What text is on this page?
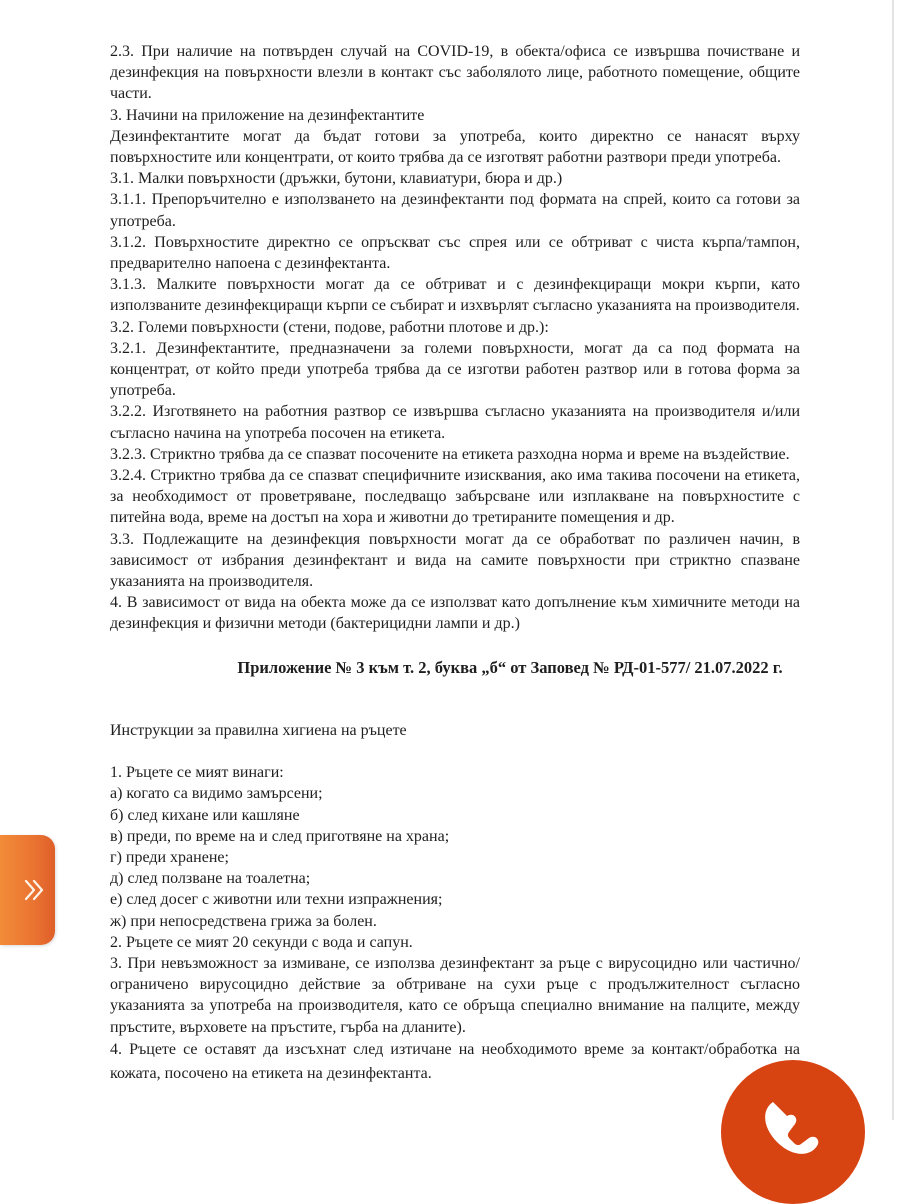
2.3. При наличие на потвърден случай на COVID-19, в обекта/офиса се извършва почистване и дезинфекция на повърхности влезли в контакт със заболялото лице, работното помещение, общите части.

3. Начини на приложение на дезинфектантите

Дезинфектантите могат да бъдат готови за употреба, които директно се нанасят върху повърхностите или концентрати, от които трябва да се изготвят работни разтвори преди употреба.

3.1. Малки повърхности (дръжки, бутони, клавиатури, бюра и др.)

3.1.1. Препоръчително е използването на дезинфектанти под формата на спрей, които са готови за употреба.

3.1.2. Повърхностите директно се опръскват със спрея или се обтриват с чиста кърпа/тампон, предварително напоена с дезинфектанта.

3.1.3. Малките повърхности могат да се обтриват и с дезинфекциращи мокри кърпи, като използваните дезинфекциращи кърпи се събират и изхвърлят съгласно указанията на производителя.

3.2. Големи повърхности (стени, подове, работни плотове и др.):

3.2.1. Дезинфектантите, предназначени за големи повърхности, могат да са под формата на концентрат, от който преди употреба трябва да се изготви работен разтвор или в готова форма за употреба.

3.2.2. Изготвянето на работния разтвор се извършва съгласно указанията на производителя и/или съгласно начина на употреба посочен на етикета.

3.2.3. Стриктно трябва да се спазват посочените на етикета разходна норма и време на въздействие.

3.2.4. Стриктно трябва да се спазват специфичните изисквания, ако има такива посочени на етикета, за необходимост от проветряване, последващо забърсване или изплакване на повърхностите с питейна вода, време на достъп на хора и животни до третираните помещения и др.

3.3. Подлежащите на дезинфекция повърхности могат да се обработват по различен начин, в зависимост от избрания дезинфектант и вида на самите повърхности при стриктно спазване указанията на производителя.

4. В зависимост от вида на обекта може да се използват като допълнение към химичните методи на дезинфекция и физични методи (бактерицидни лампи и др.)

Приложение № 3 към т. 2, буква „б“ от Заповед № РД-01-577/ 21.07.2022 г.

Инструкции за правилна хигиена на ръцете

1. Ръцете се мият винаги:

а) когато са видимо замърсени;

б) след кихане или кашляне

в) преди, по време на и след приготвяне на храна;

г) преди хранене;

д) след ползване на тоалетна;

е) след досег с животни или техни изпражнения;

ж) при непосредствена грижа за болен.

2. Ръцете се мият 20 секунди с вода и сапун.

3. При невъзможност за измиване, се използва дезинфектант за ръце с вирусоцидно или частично/ограничено вирусоцидно действие за обтриване на сухи ръце с продължителност съгласно указанията за употреба на производителя, като се обръща специално внимание на палците, между пръстите, върховете на пръстите, гърба на дланите).

4. Ръцете се оставят да изсъхнат след изтичане на необходимото време за контакт/обработка на кожата, посочено на етикета на дезинфектанта.
